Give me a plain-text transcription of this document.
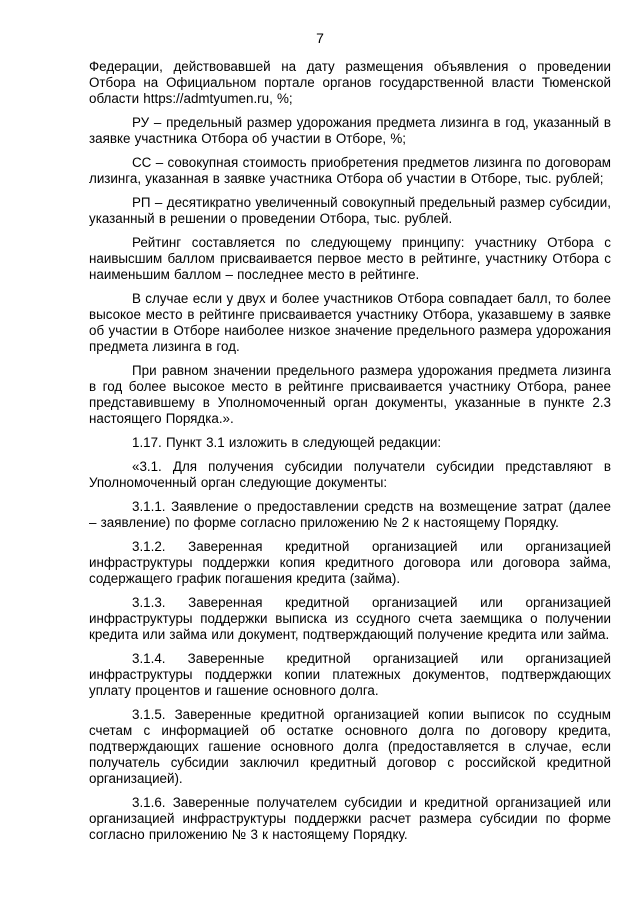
7

Федерации, действовавшей на дату размещения объявления о проведении Отбора на Официальном портале органов государственной власти Тюменской области https://admtyumen.ru, %;

РУ – предельный размер удорожания предмета лизинга в год, указанный в заявке участника Отбора об участии в Отборе, %;

СС – совокупная стоимость приобретения предметов лизинга по договорам лизинга, указанная в заявке участника Отбора об участии в Отборе, тыс. рублей;

РП – десятикратно увеличенный совокупный предельный размер субсидии, указанный в решении о проведении Отбора, тыс. рублей.

Рейтинг составляется по следующему принципу: участнику Отбора с наивысшим баллом присваивается первое место в рейтинге, участнику Отбора с наименьшим баллом – последнее место в рейтинге.

В случае если у двух и более участников Отбора совпадает балл, то более высокое место в рейтинге присваивается участнику Отбора, указавшему в заявке об участии в Отборе наиболее низкое значение предельного размера удорожания предмета лизинга в год.

При равном значении предельного размера удорожания предмета лизинга в год более высокое место в рейтинге присваивается участнику Отбора, ранее представившему в Уполномоченный орган документы, указанные в пункте 2.3 настоящего Порядка.».

1.17. Пункт 3.1 изложить в следующей редакции:

«3.1. Для получения субсидии получатели субсидии представляют в Уполномоченный орган следующие документы:

3.1.1. Заявление о предоставлении средств на возмещение затрат (далее – заявление) по форме согласно приложению № 2 к настоящему Порядку.

3.1.2. Заверенная кредитной организацией или организацией инфраструктуры поддержки копия кредитного договора или договора займа, содержащего график погашения кредита (займа).

3.1.3. Заверенная кредитной организацией или организацией инфраструктуры поддержки выписка из ссудного счета заемщика о получении кредита или займа или документ, подтверждающий получение кредита или займа.

3.1.4. Заверенные кредитной организацией или организацией инфраструктуры поддержки копии платежных документов, подтверждающих уплату процентов и гашение основного долга.

3.1.5. Заверенные кредитной организацией копии выписок по ссудным счетам с информацией об остатке основного долга по договору кредита, подтверждающих гашение основного долга (предоставляется в случае, если получатель субсидии заключил кредитный договор с российской кредитной организацией).

3.1.6. Заверенные получателем субсидии и кредитной организацией или организацией инфраструктуры поддержки расчет размера субсидии по форме согласно приложению № 3 к настоящему Порядку.
